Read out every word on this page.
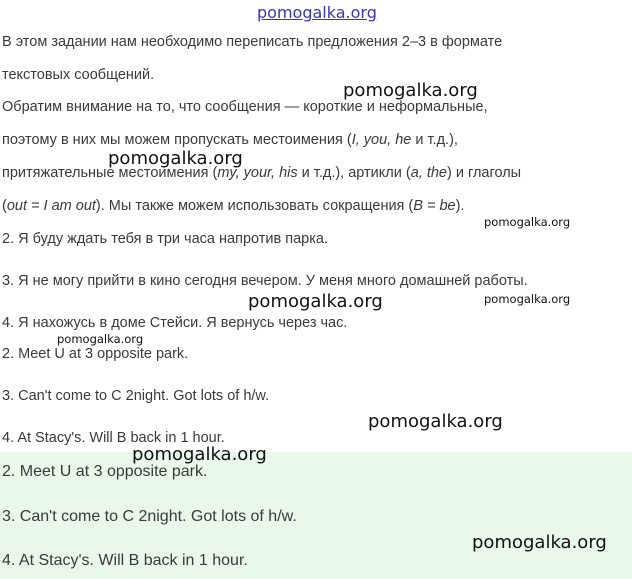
pomogalka.org
В этом задании нам необходимо переписать предложения 2–3 в формате
текстовых сообщений.
Обратим внимание на то, что сообщения — короткие и неформальные,
поэтому в них мы можем пропускать местоимения (I, you, he и т.д.),
притяжательные местоимения (my, your, his и т.д.), артикли (a, the) и глаголы
(out = I am out). Мы также можем использовать сокращения (B = be).
2. Я буду ждать тебя в три часа напротив парка.
3. Я не могу прийти в кино сегодня вечером. У меня много домашней работы.
4. Я нахожусь в доме Стейси. Я вернусь через час.
2. Meet U at 3 opposite park.
3. Can't come to C 2night. Got lots of h/w.
4. At Stacy's. Will B back in 1 hour.
2. Meet U at 3 opposite park.
3. Can't come to C 2night. Got lots of h/w.
4. At Stacy's. Will B back in 1 hour.
pomogalka.org
pomogalka.org
pomogalka.org
pomogalka.org	pomogalka.org
pomogalka.org
pomogalka.org
pomogalka.org
pomogalka.org
